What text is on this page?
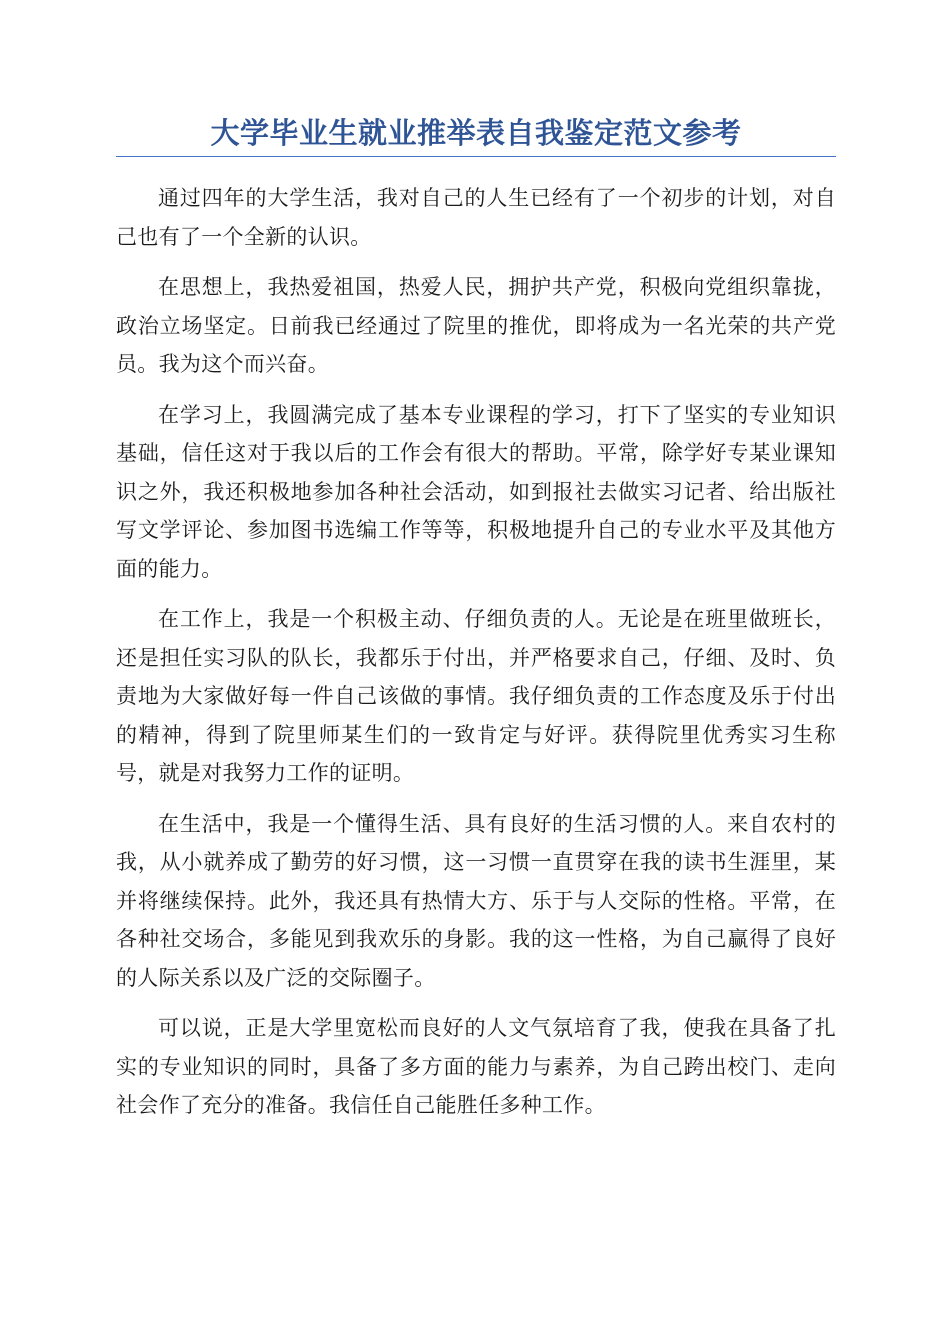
大学毕业生就业推举表自我鉴定范文参考

通过四年的大学生活，我对自己的人生已经有了一个初步的计划，对自己也有了一个全新的认识。

在思想上，我热爱祖国，热爱人民，拥护共产党，积极向党组织靠拢，政治立场坚定。日前我已经通过了院里的推优，即将成为一名光荣的共产党员。我为这个而兴奋。

在学习上，我圆满完成了基本专业课程的学习，打下了坚实的专业知识基础，信任这对于我以后的工作会有很大的帮助。平常，除学好专某业课知识之外，我还积极地参加各种社会活动，如到报社去做实习记者、给出版社写文学评论、参加图书选编工作等等，积极地提升自己的专业水平及其他方面的能力。

在工作上，我是一个积极主动、仔细负责的人。无论是在班里做班长，还是担任实习队的队长，我都乐于付出，并严格要求自己，仔细、及时、负责地为大家做好每一件自己该做的事情。我仔细负责的工作态度及乐于付出的精神，得到了院里师某生们的一致肯定与好评。获得院里优秀实习生称号，就是对我努力工作的证明。

在生活中，我是一个懂得生活、具有良好的生活习惯的人。来自农村的我，从小就养成了勤劳的好习惯，这一习惯一直贯穿在我的读书生涯里，某并将继续保持。此外，我还具有热情大方、乐于与人交际的性格。平常，在各种社交场合，多能见到我欢乐的身影。我的这一性格，为自己赢得了良好的人际关系以及广泛的交际圈子。

可以说，正是大学里宽松而良好的人文气氛培育了我，使我在具备了扎实的专业知识的同时，具备了多方面的能力与素养，为自己跨出校门、走向社会作了充分的准备。我信任自己能胜任多种工作。
